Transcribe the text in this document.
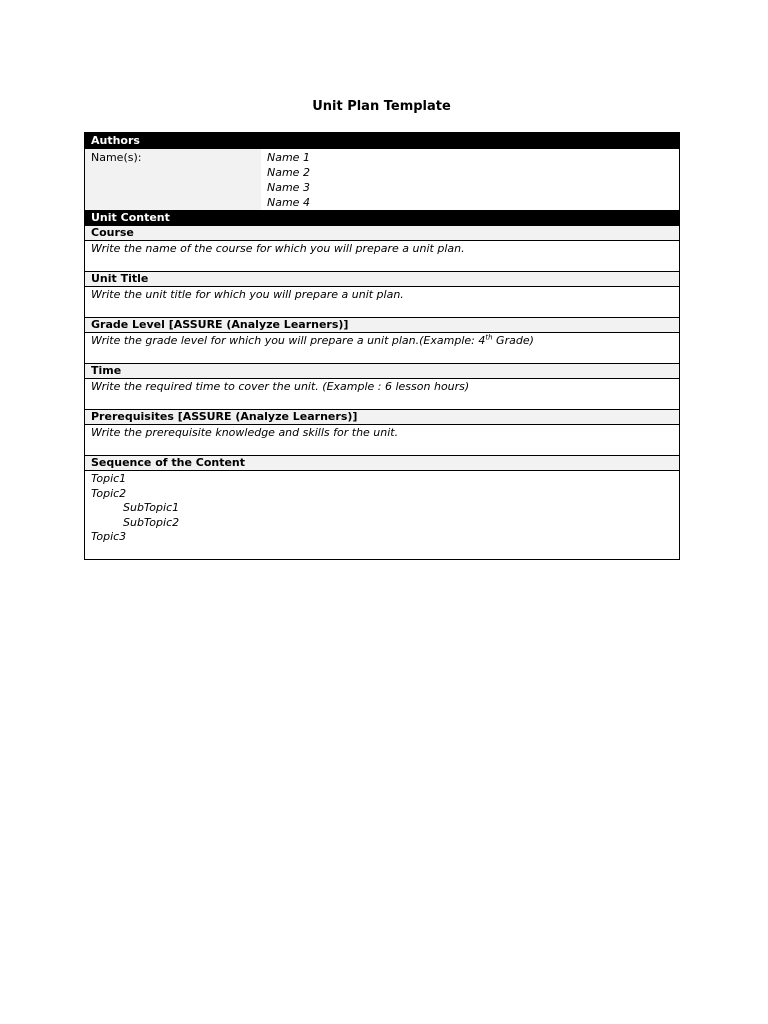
Unit Plan Template
Authors
Name(s):	Name 1
Name 2
Name 3
Name 4
Unit Content
Course
Write the name of the course for which you will prepare a unit plan.
Unit Title
Write the unit title for which you will prepare a unit plan.
Grade Level [ASSURE (Analyze Learners)]
Write the grade level for which you will prepare a unit plan.(Example: 4th Grade)
Time
Write the required time to cover the unit. (Example : 6 lesson hours)
Prerequisites [ASSURE (Analyze Learners)]
Write the prerequisite knowledge and skills for the unit.
Sequence of the Content
Topic1
Topic2
SubTopic1
SubTopic2
Topic3
